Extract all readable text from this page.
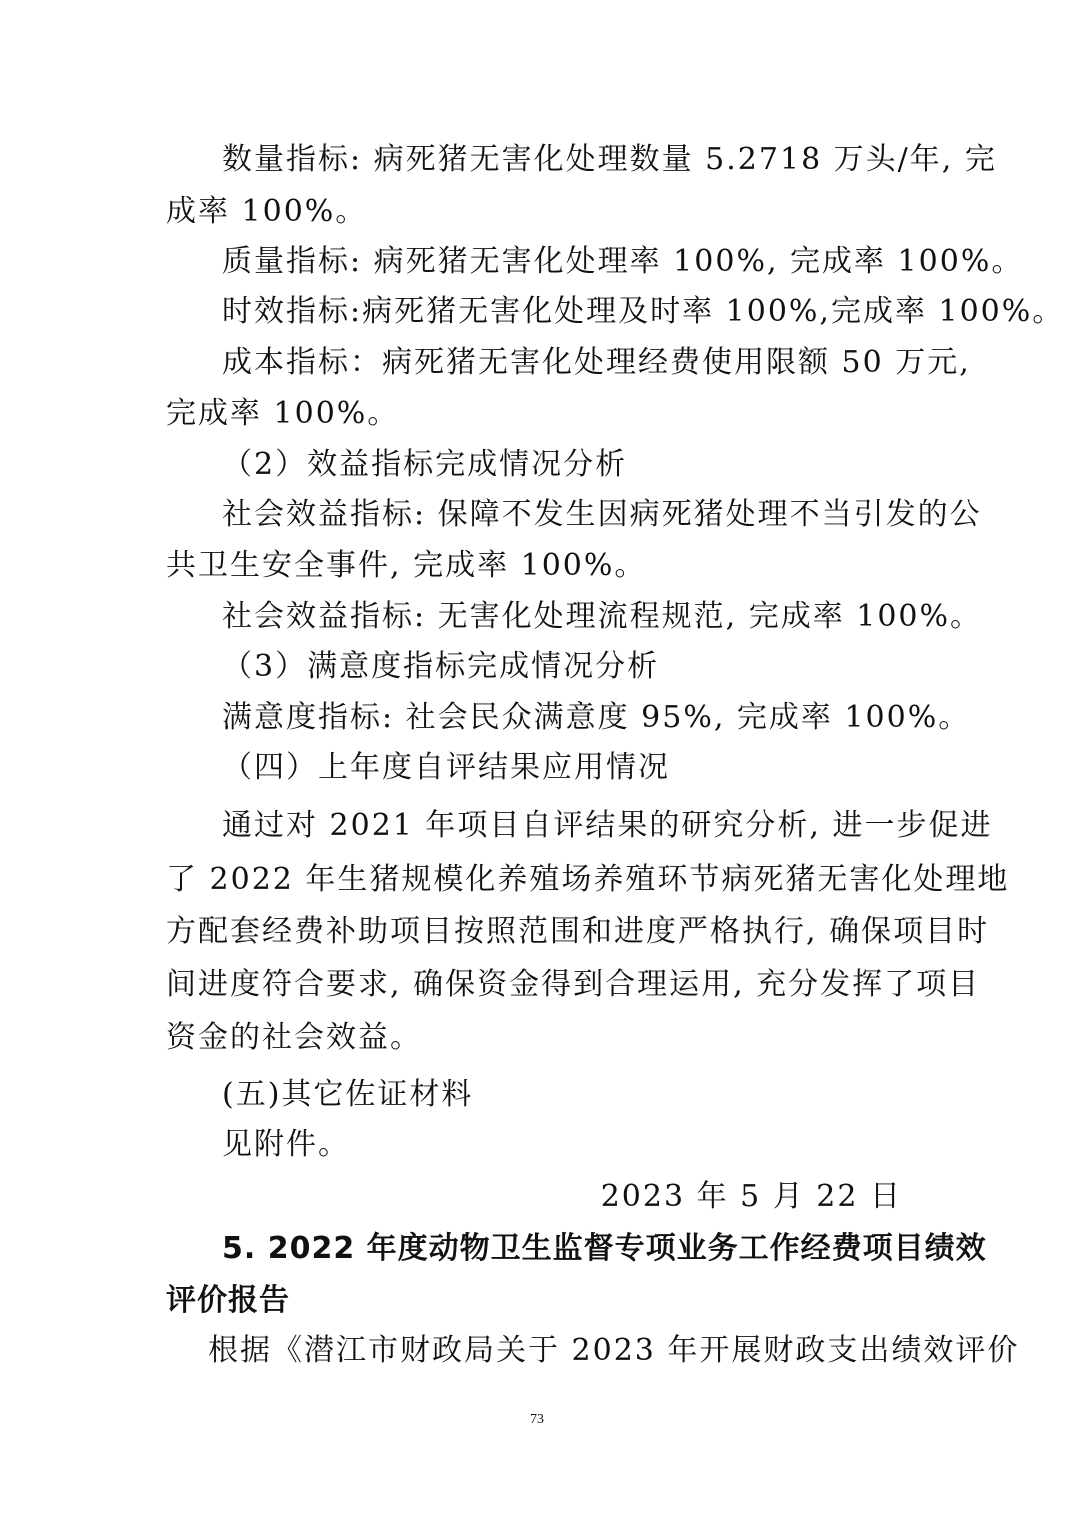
数量指标: 病死猪无害化处理数量 5.2718 万头/年, 完
成率 100%。
质量指标: 病死猪无害化处理率 100%, 完成率 100%。
时效指标:病死猪无害化处理及时率 100%,完成率 100%。
成本指标：病死猪无害化处理经费使用限额 50 万元,
完成率 100%。
（2）效益指标完成情况分析
社会效益指标: 保障不发生因病死猪处理不当引发的公
共卫生安全事件, 完成率 100%。
社会效益指标: 无害化处理流程规范, 完成率 100%。
（3）满意度指标完成情况分析
满意度指标: 社会民众满意度 95%, 完成率 100%。
（四）上年度自评结果应用情况
通过对 2021 年项目自评结果的研究分析, 进一步促进
了 2022 年生猪规模化养殖场养殖环节病死猪无害化处理地
方配套经费补助项目按照范围和进度严格执行, 确保项目时
间进度符合要求, 确保资金得到合理运用, 充分发挥了项目
资金的社会效益。
(五)其它佐证材料
见附件。
2023 年 5 月 22 日
5. 2022 年度动物卫生监督专项业务工作经费项目绩效
评价报告
根据《潜江市财政局关于 2023 年开展财政支出绩效评价
73
